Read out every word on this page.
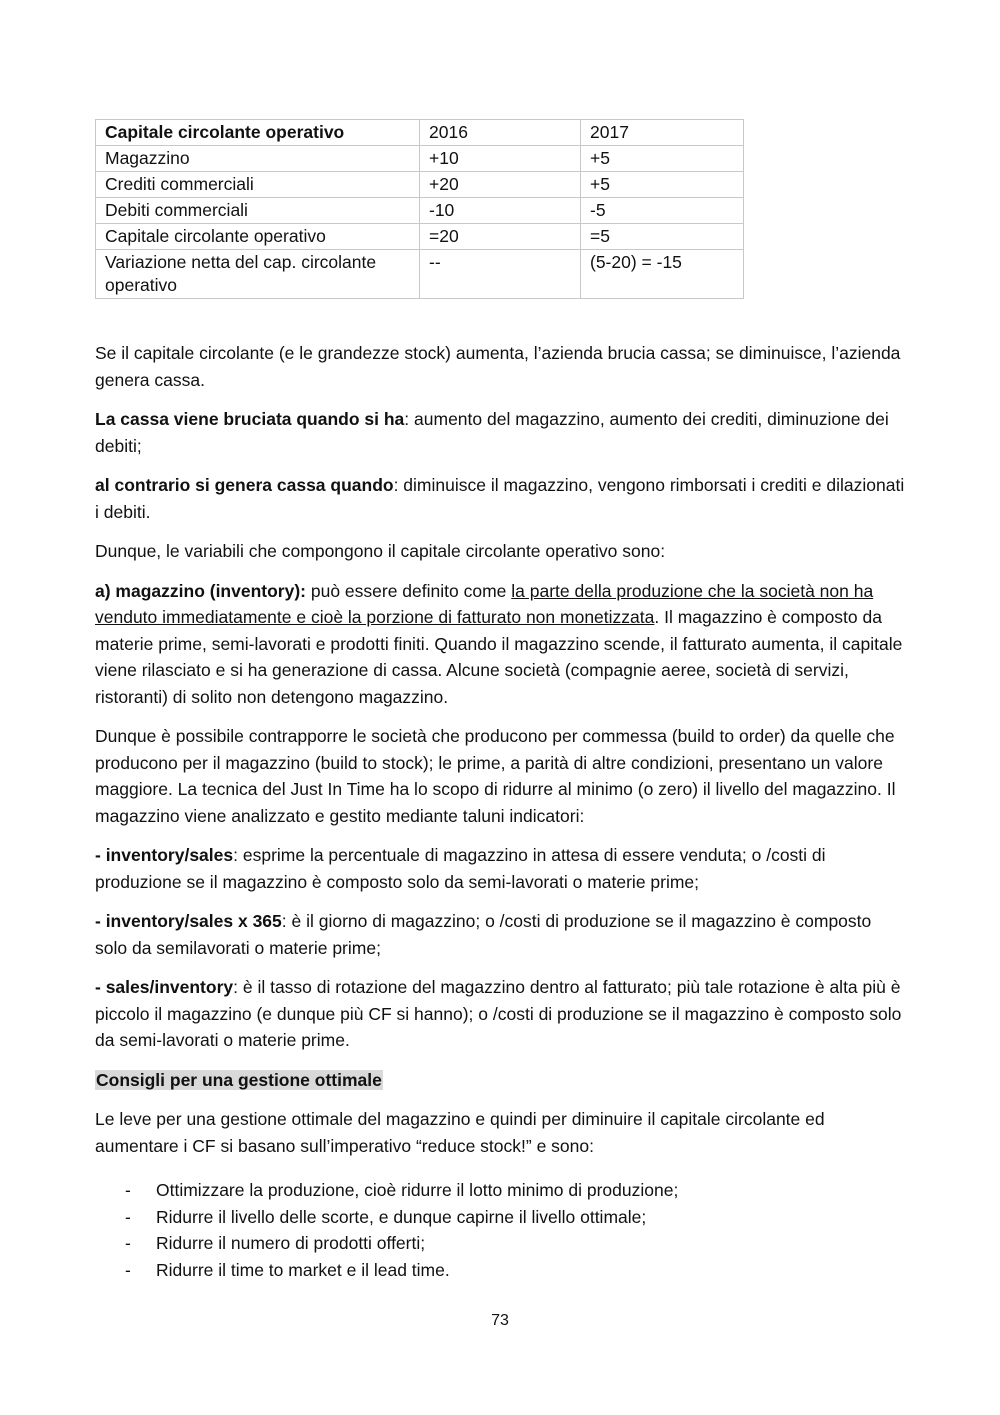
Capitale circolante operativo	2016	2017
Magazzino	+10	+5
Crediti commerciali	+20	+5
Debiti commerciali	-10	-5
Capitale circolante operativo	=20	=5
Variazione netta del cap. circolante operativo	--	(5-20) = -15

Se il capitale circolante (e le grandezze stock) aumenta, l’azienda brucia cassa; se diminuisce, l’azienda genera cassa.

La cassa viene bruciata quando si ha: aumento del magazzino, aumento dei crediti, diminuzione dei debiti;

al contrario si genera cassa quando: diminuisce il magazzino, vengono rimborsati i crediti e dilazionati i debiti.

Dunque, le variabili che compongono il capitale circolante operativo sono:

a) magazzino (inventory): può essere definito come la parte della produzione che la società non ha venduto immediatamente e cioè la porzione di fatturato non monetizzata. Il magazzino è composto da materie prime, semi-lavorati e prodotti finiti. Quando il magazzino scende, il fatturato aumenta, il capitale viene rilasciato e si ha generazione di cassa. Alcune società (compagnie aeree, società di servizi, ristoranti) di solito non detengono magazzino.

Dunque è possibile contrapporre le società che producono per commessa (build to order) da quelle che producono per il magazzino (build to stock); le prime, a parità di altre condizioni, presentano un valore maggiore. La tecnica del Just In Time ha lo scopo di ridurre al minimo (o zero) il livello del magazzino. Il magazzino viene analizzato e gestito mediante taluni indicatori:

- inventory/sales: esprime la percentuale di magazzino in attesa di essere venduta; o /costi di produzione se il magazzino è composto solo da semi-lavorati o materie prime;

- inventory/sales x 365: è il giorno di magazzino; o /costi di produzione se il magazzino è composto solo da semilavorati o materie prime;

- sales/inventory: è il tasso di rotazione del magazzino dentro al fatturato; più tale rotazione è alta più è piccolo il magazzino (e dunque più CF si hanno); o /costi di produzione se il magazzino è composto solo da semi-lavorati o materie prime.

Consigli per una gestione ottimale

Le leve per una gestione ottimale del magazzino e quindi per diminuire il capitale circolante ed aumentare i CF si basano sull’imperativo “reduce stock!” e sono:

- Ottimizzare la produzione, cioè ridurre il lotto minimo di produzione;
- Ridurre il livello delle scorte, e dunque capirne il livello ottimale;
- Ridurre il numero di prodotti offerti;
- Ridurre il time to market e il lead time.
73
